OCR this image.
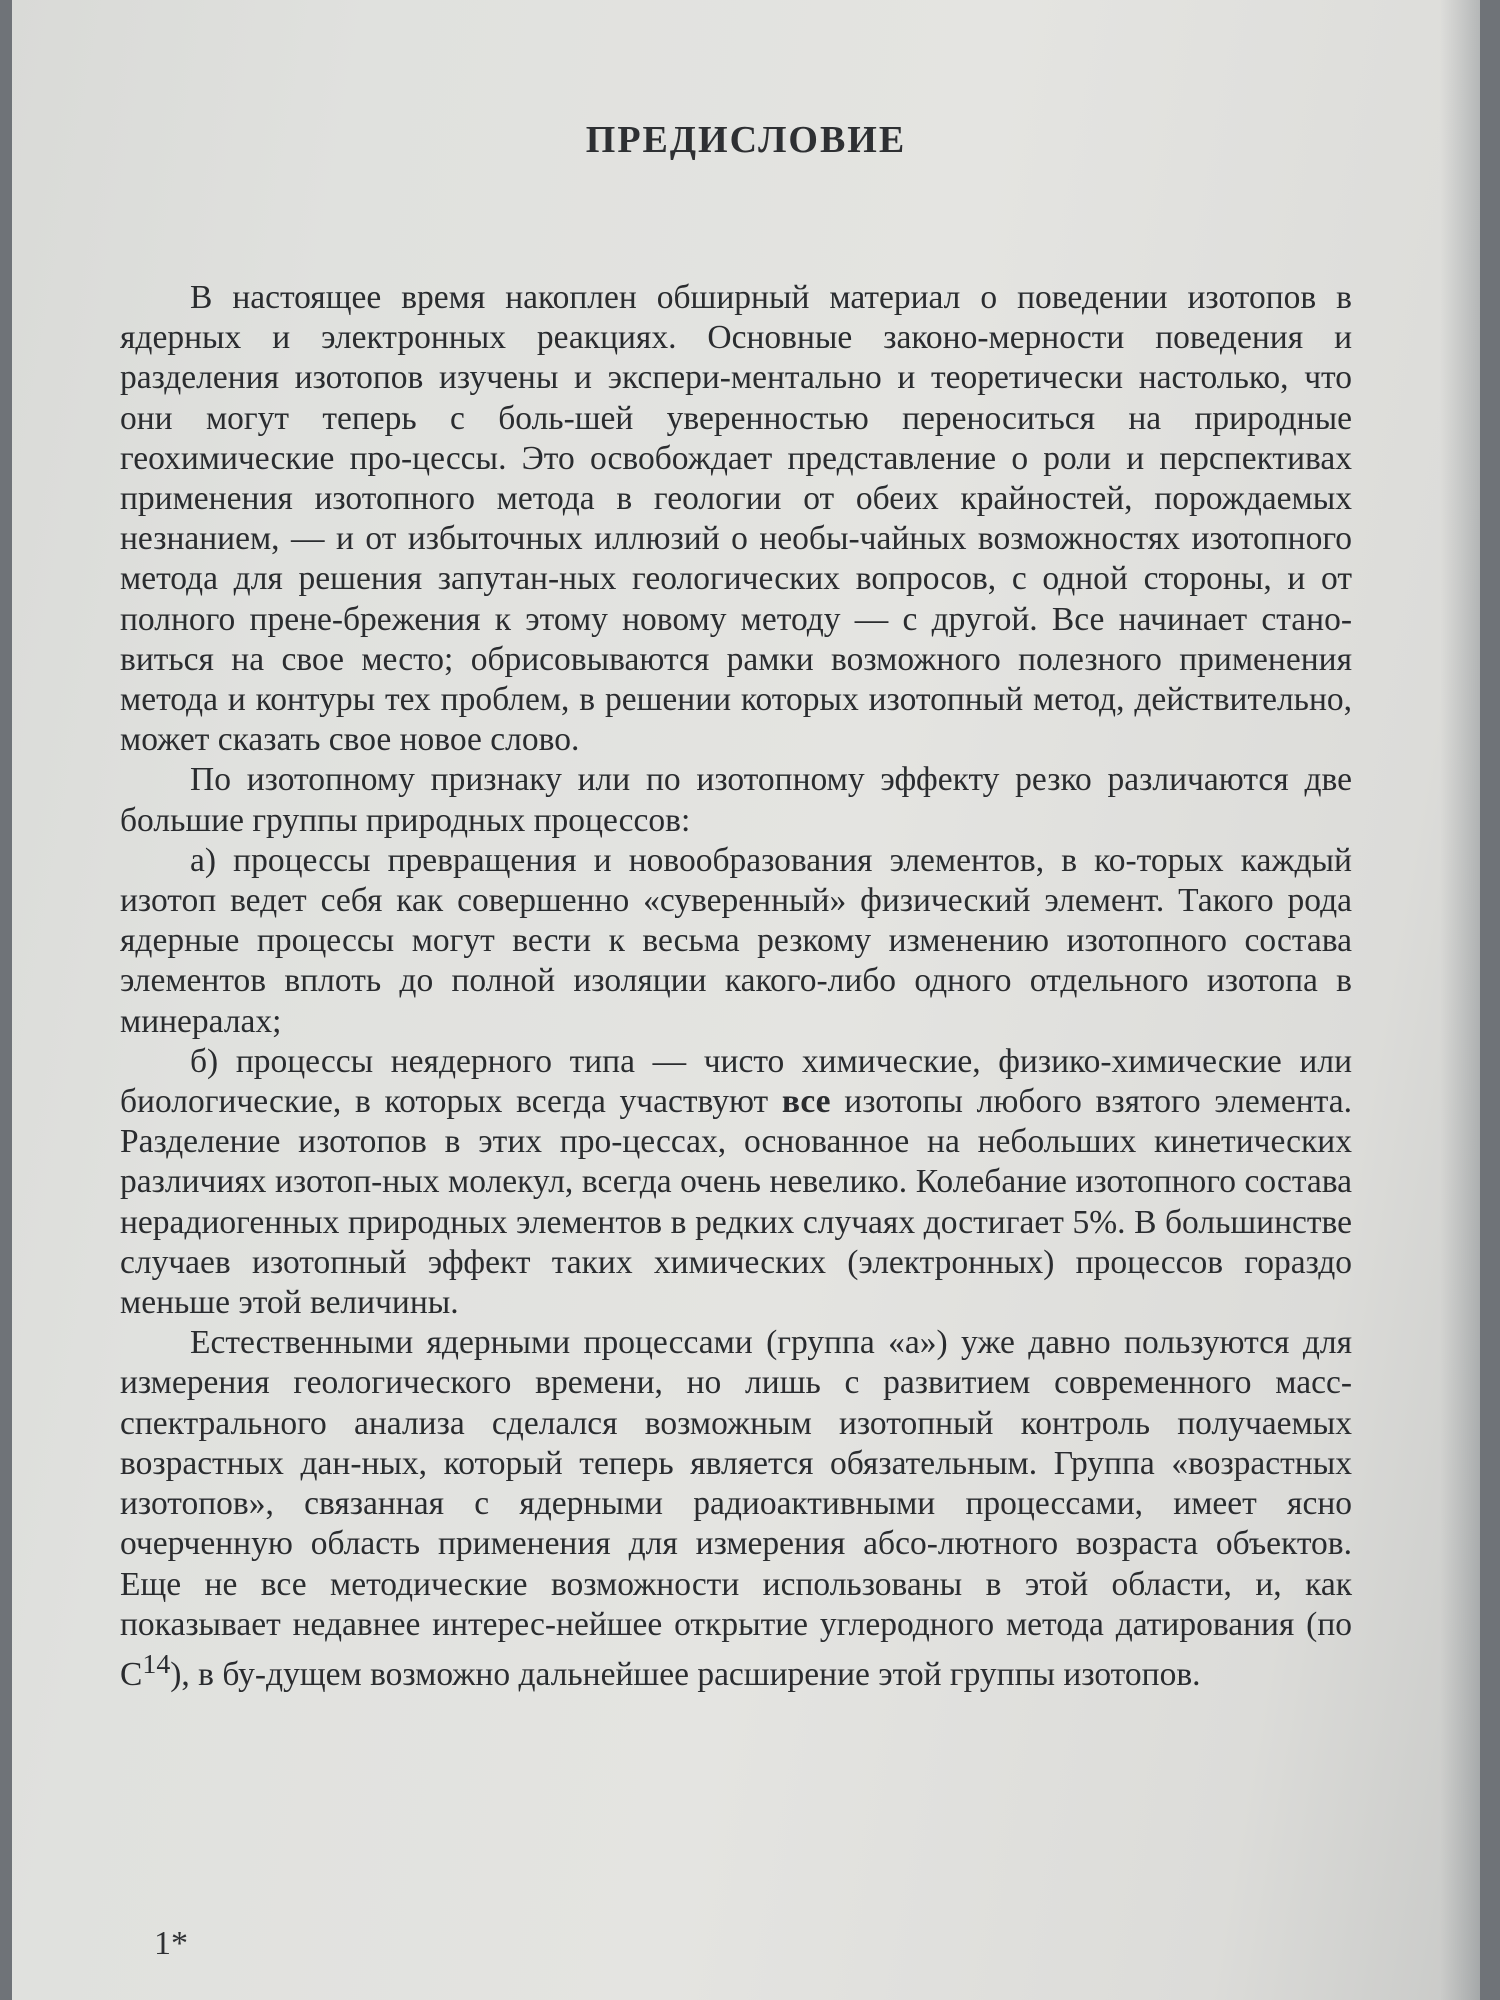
ПРЕДИСЛОВИЕ

В настоящее время накоплен обширный материал о поведении изотопов в ядерных и электронных реакциях. Основные законо-мерности поведения и разделения изотопов изучены и экспери-ментально и теоретически настолько, что они могут теперь с боль-шей уверенностью переноситься на природные геохимические про-цессы. Это освобождает представление о роли и перспективах применения изотопного метода в геологии от обеих крайностей, порождаемых незнанием, — и от избыточных иллюзий о необы-чайных возможностях изотопного метода для решения запутан-ных геологических вопросов, с одной стороны, и от полного прене-брежения к этому новому методу — с другой. Все начинает стано-виться на свое место; обрисовываются рамки возможного полезного применения метода и контуры тех проблем, в решении которых изотопный метод, действительно, может сказать свое новое слово.

По изотопному признаку или по изотопному эффекту резко различаются две большие группы природных процессов:

а) процессы превращения и новообразования элементов, в ко-торых каждый изотоп ведет себя как совершенно «суверенный» физический элемент. Такого рода ядерные процессы могут вести к весьма резкому изменению изотопного состава элементов вплоть до полной изоляции какого-либо одного отдельного изотопа в минералах;

б) процессы неядерного типа — чисто химические, физико-химические или биологические, в которых всегда участвуют все изотопы любого взятого элемента. Разделение изотопов в этих про-цессах, основанное на небольших кинетических различиях изотоп-ных молекул, всегда очень невелико. Колебание изотопного состава нерадиогенных природных элементов в редких случаях достигает 5%. В большинстве случаев изотопный эффект таких химических (электронных) процессов гораздо меньше этой величины.

Естественными ядерными процессами (группа «а») уже давно пользуются для измерения геологического времени, но лишь с развитием современного масс-спектрального анализа сделался возможным изотопный контроль получаемых возрастных дан-ных, который теперь является обязательным. Группа «возрастных изотопов», связанная с ядерными радиоактивными процессами, имеет ясно очерченную область применения для измерения абсо-лютного возраста объектов. Еще не все методические возможности использованы в этой области, и, как показывает недавнее интерес-нейшее открытие углеродного метода датирования (по $C^{14}$), в бу-дущем возможно дальнейшее расширение этой группы изотопов.

1*
